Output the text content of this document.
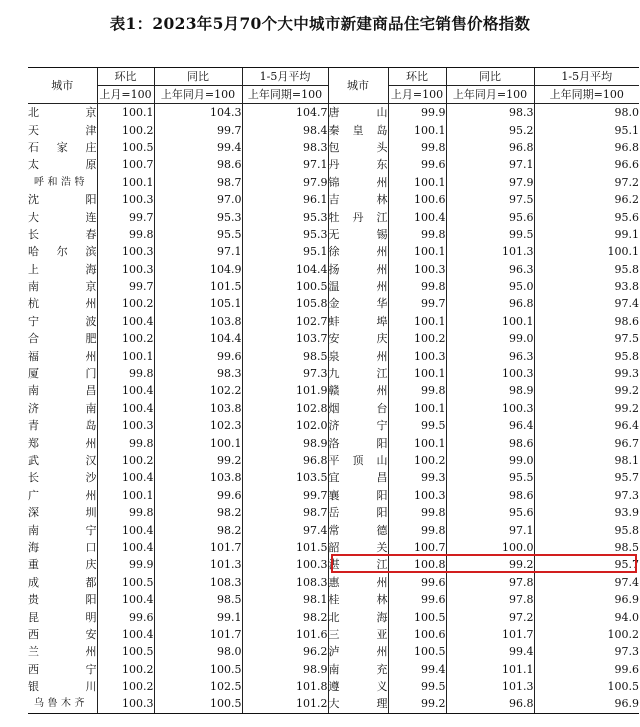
表1：2023年5月70个大中城市新建商品住宅销售价格指数
城市	环比	同比	1-5月平均	城市	环比	同比	1-5月平均
	上月=100	上年同月=100	上年同期=100		上月=100	上年同月=100	上年同期=100
北　　京	100.1	104.3	104.7	唐　　山	99.9	98.3	98.0
天　　津	100.2	99.7	98.4	秦 皇 岛	100.1	95.2	95.1
石 家 庄	100.5	99.4	98.3	包　　头	99.8	96.8	96.8
太　　原	100.7	98.6	97.1	丹　　东	99.6	97.1	96.6
呼和浩特	100.1	98.7	97.9	锦　　州	100.1	97.9	97.2
沈　　阳	100.3	97.0	96.1	吉　　林	100.6	97.5	96.2
大　　连	99.7	95.3	95.3	牡 丹 江	100.4	95.6	95.6
长　　春	99.8	95.5	95.3	无　　锡	99.8	99.5	99.1
哈 尔 滨	100.3	97.1	95.1	徐　　州	100.1	101.3	100.1
上　　海	100.3	104.9	104.4	扬　　州	100.3	96.3	95.8
南　　京	99.7	101.5	100.5	温　　州	99.8	95.0	93.8
杭　　州	100.2	105.1	105.8	金　　华	99.7	96.8	97.4
宁　　波	100.4	103.8	102.7	蚌　　埠	100.1	100.1	98.6
合　　肥	100.2	104.4	103.7	安　　庆	100.2	99.0	97.5
福　　州	100.1	99.6	98.5	泉　　州	100.3	96.3	95.8
厦　　门	99.8	98.3	97.3	九　　江	100.1	100.3	99.3
南　　昌	100.4	102.2	101.9	赣　　州	99.8	98.9	99.2
济　　南	100.4	103.8	102.8	烟　　台	100.1	100.3	99.2
青　　岛	100.3	102.3	102.0	济　　宁	99.5	96.4	96.4
郑　　州	99.8	100.1	98.9	洛　　阳	100.1	98.6	96.7
武　　汉	100.2	99.2	96.8	平 顶 山	100.2	99.0	98.1
长　　沙	100.4	103.8	103.5	宜　　昌	99.3	95.5	95.7
广　　州	100.1	99.6	99.7	襄　　阳	100.3	98.6	97.3
深　　圳	99.8	98.2	98.7	岳　　阳	99.8	95.6	93.9
南　　宁	100.4	98.2	97.4	常　　德	99.8	97.1	95.8
海　　口	100.4	101.7	101.5	韶　　关	100.7	100.0	98.5
重　　庆	99.9	101.3	100.3	湛　　江	100.8	99.2	95.7
成　　都	100.5	108.3	108.3	惠　　州	99.6	97.8	97.4
贵　　阳	100.4	98.5	98.1	桂　　林	99.6	97.8	96.9
昆　　明	99.6	99.1	98.2	北　　海	100.5	97.2	94.0
西　　安	100.4	101.7	101.6	三　　亚	100.6	101.7	100.2
兰　　州	100.5	98.0	96.2	泸　　州	100.5	99.4	97.3
西　　宁	100.2	100.5	98.9	南　　充	99.4	101.1	99.6
银　　川	100.2	102.5	101.8	遵　　义	99.5	101.3	100.5
乌鲁木齐	100.3	100.5	101.2	大　　理	99.2	96.8	96.9
